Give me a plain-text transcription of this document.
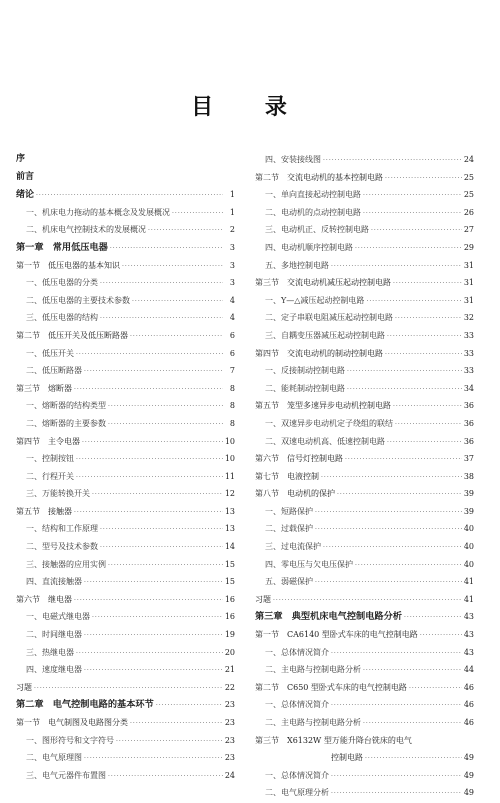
目 录
序
前言
绪论 ·····	1
一、机床电力拖动的基本概念及发展概况 ·····	1
二、机床电气控制技术的发展概况 ·····	2
第一章　常用低压电器 ·····	3
第一节　低压电器的基本知识 ·····	3
一、低压电器的分类 ·····	3
二、低压电器的主要技术参数 ·····	4
三、低压电器的结构 ·····	4
第二节　低压开关及低压断路器 ·····	6
一、低压开关 ·····	6
二、低压断路器 ·····	7
第三节　熔断器 ·····	8
一、熔断器的结构类型 ·····	8
二、熔断器的主要参数 ·····	8
第四节　主令电器 ·····	10
一、控制按钮 ·····	10
二、行程开关 ·····	11
三、万能转换开关 ·····	12
第五节　接触器 ·····	13
一、结构和工作原理 ·····	13
二、型号及技术参数 ·····	14
三、接触器的应用实例 ·····	15
四、直流接触器 ·····	15
第六节　继电器 ·····	16
一、电磁式继电器 ·····	16
二、时间继电器 ·····	19
三、热继电器 ·····	20
四、速度继电器 ·····	21
习题 ·····	22
第二章　电气控制电路的基本环节 ·····	23
第一节　电气制图及电路图分类 ·····	23
一、图形符号和文字符号 ·····	23
二、电气原理图 ·····	23
三、电气元器件布置图 ·····	24
四、安装接线图 ·····	24
第二节　交流电动机的基本控制电路 ·····	25
一、单向直接起动控制电路 ·····	25
二、电动机的点动控制电路 ·····	26
三、电动机正、反转控制电路 ·····	27
四、电动机顺序控制电路 ·····	29
五、多地控制电路 ·····	31
第三节　交流电动机减压起动控制电路 ·····	31
一、Y—△减压起动控制电路 ·····	31
二、定子串联电阻减压起动控制电路 ·····	32
三、自耦变压器减压起动控制电路 ·····	33
第四节　交流电动机的制动控制电路 ·····	33
一、反接制动控制电路 ·····	33
二、能耗制动控制电路 ·····	34
第五节　笼型多速异步电动机控制电路 ·····	36
一、双速异步电动机定子绕组的联结 ·····	36
二、双速电动机高、低速控制电路 ·····	36
第六节　信号灯控制电路 ·····	37
第七节　电液控制 ·····	38
第八节　电动机的保护 ·····	39
一、短路保护 ·····	39
二、过载保护 ·····	40
三、过电流保护 ·····	40
四、零电压与欠电压保护 ·····	40
五、弱磁保护 ·····	41
习题 ·····	41
第三章　典型机床电气控制电路分析 ·····	43
第一节　CA6140 型卧式车床的电气控制电路 ·····	43
一、总体情况简介 ·····	43
二、主电路与控制电路分析 ·····	44
第二节　C650 型卧式车床的电气控制电路 ·····	46
一、总体情况简介 ·····	46
二、主电路与控制电路分析 ·····	46
第三节　X6132W 型万能升降台铣床的电气
控制电路 ·····	49
一、总体情况简介 ·····	49
二、电气原理分析 ·····	49
